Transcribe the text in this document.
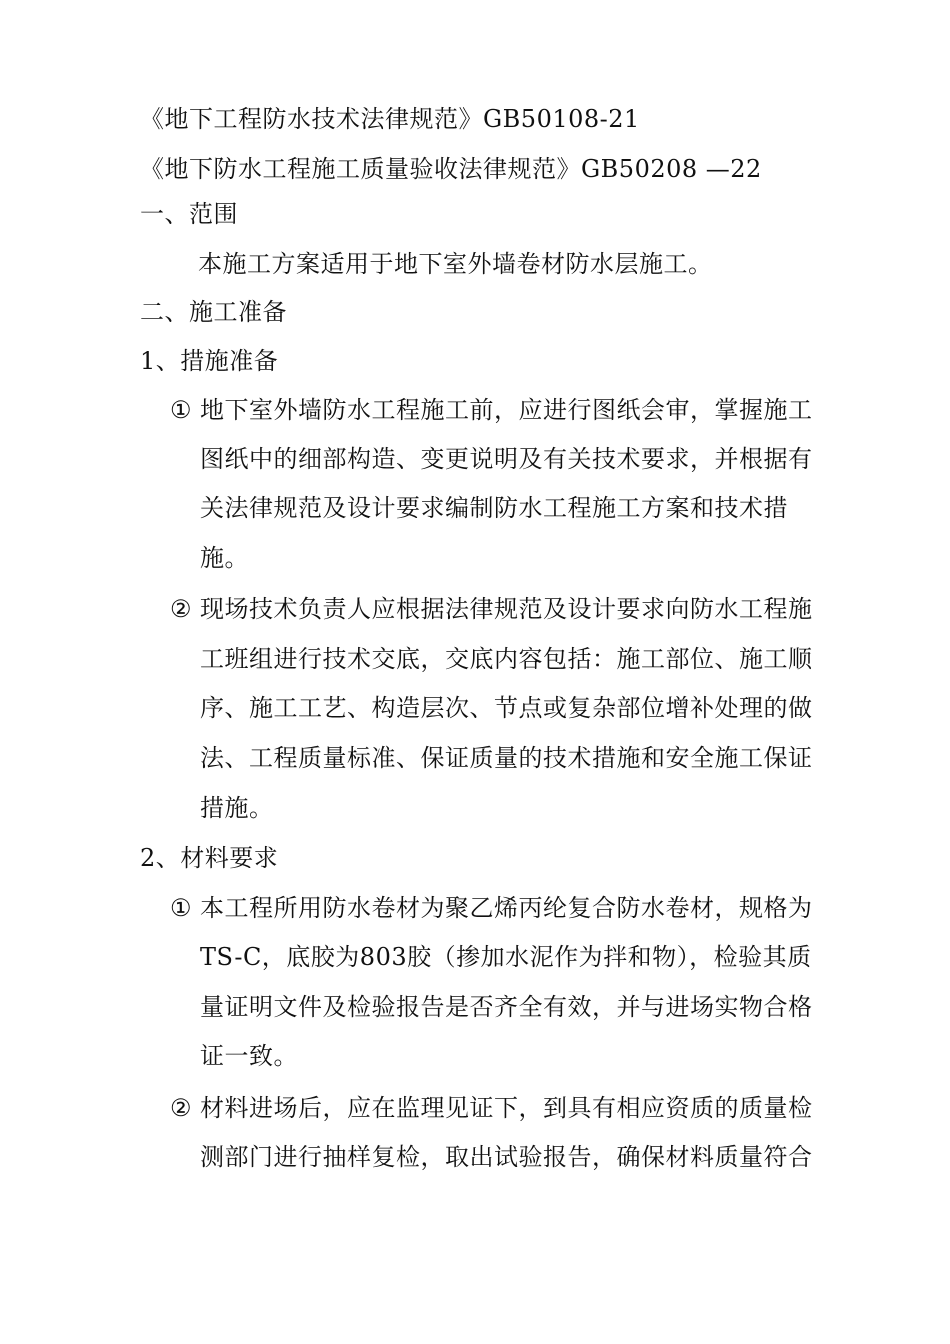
《地下工程防水技术法律规范》GB50108-21
《地下防水工程施工质量验收法律规范》GB50208 —22
一、范围
本施工方案适用于地下室外墙卷材防水层施工。
二、施工准备
1、措施准备
① 地下室外墙防水工程施工前，应进行图纸会审，掌握施工
图纸中的细部构造、变更说明及有关技术要求，并根据有
关法律规范及设计要求编制防水工程施工方案和技术措
施。
② 现场技术负责人应根据法律规范及设计要求向防水工程施
工班组进行技术交底，交底内容包括：施工部位、施工顺
序、施工工艺、构造层次、节点或复杂部位增补处理的做
法、工程质量标准、保证质量的技术措施和安全施工保证
措施。
2、材料要求
① 本工程所用防水卷材为聚乙烯丙纶复合防水卷材，规格为
TS-C，底胶为803胶（掺加水泥作为拌和物），检验其质
量证明文件及检验报告是否齐全有效，并与进场实物合格
证一致。
② 材料进场后，应在监理见证下，到具有相应资质的质量检
测部门进行抽样复检，取出试验报告，确保材料质量符合
